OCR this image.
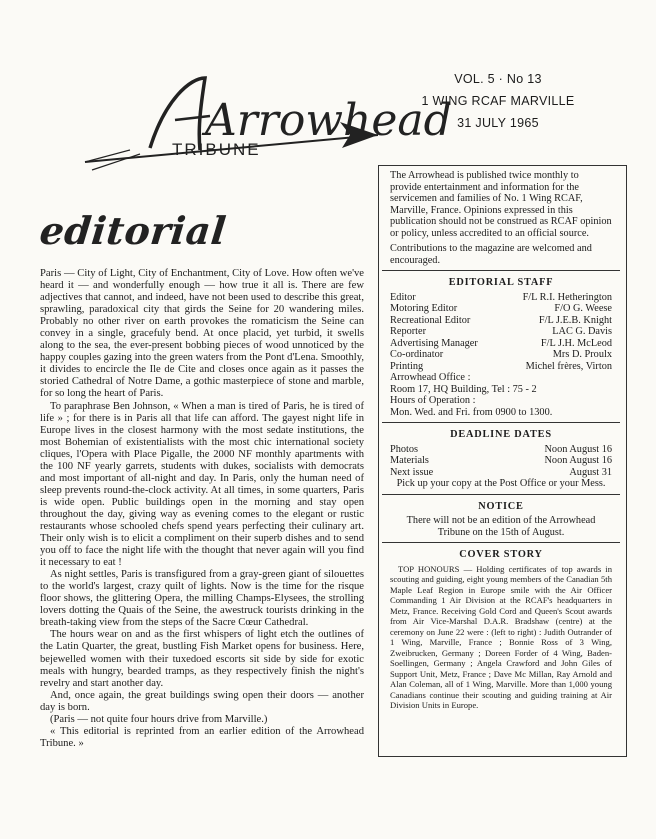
Arrowhead
TRIBUNE
VOL. 5 · No 13
1 WING RCAF MARVILLE
31 JULY 1965
editorial

Paris — City of Light, City of Enchantment, City of Love. How often we've heard it — and wonderfully enough — how true it all is. There are few adjectives that cannot, and indeed, have not been used to describe this great, sprawling, paradoxical city that girds the Seine for 20 wandering miles. Probably no other river on earth provokes the romaticism the Seine can convey in a single, gracefuly bend. At once placid, yet turbid, it swells along to the sea, the ever-present bobbing pieces of wood unnoticed by the happy couples gazing into the green waters from the Pont d'Lena. Smoothly, it divides to encircle the Ile de Cite and closes once again as it passes the storied Cathedral of Notre Dame, a gothic masterpiece of stone and marble, for so long the heart of Paris.

To paraphrase Ben Johnson, « When a man is tired of Paris, he is tired of life » ; for there is in Paris all that life can afford. The gayest night life in Europe lives in the closest harmony with the most sedate institutions, the most Bohemian of existentialists with the most chic international society cliques, l'Opera with Place Pigalle, the 2000 NF monthly apartments with the 100 NF yearly garrets, students with dukes, socialists with democrats and most important of all-night and day. In Paris, only the human need of sleep prevents round-the-clock activity. At all times, in some quarters, Paris is wide open. Public buildings open in the morning and stay open throughout the day, giving way as evening comes to the elegant or rustic restaurants whose schooled chefs spend years perfecting their culinary art. Their only wish is to elicit a compliment on their superb dishes and to send you off to face the night life with the thought that never again will you find it necessary to eat !

As night settles, Paris is transfigured from a gray-green giant of silouettes to the world's largest, crazy quilt of lights. Now is the time for the risque floor shows, the glittering Opera, the milling Champs-Elysees, the strolling lovers dotting the Quais of the Seine, the awestruck tourists drinking in the breath-taking view from the steps of the Sacre Cœur Cathedral.

The hours wear on and as the first whispers of light etch the outlines of the Latin Quarter, the great, bustling Fish Market opens for business. Here, bejewelled women with their tuxedoed escorts sit side by side for exotic meals with hungry, bearded tramps, as they respectively finish the night's revelry and start another day.

And, once again, the great buildings swing open their doors — another day is born.

(Paris — not quite four hours drive from Marville.)

« This editorial is reprinted from an earlier edition of the Arrowhead Tribune. »

The Arrowhead is published twice monthly to provide entertainment and information for the servicemen and families of No. 1 Wing RCAF, Marville, France. Opinions expressed in this publication should not be construed as RCAF opinion or policy, unless accredited to an official source.

Contributions to the magazine are welcomed and encouraged.

EDITORIAL STAFF
Editor	F/L R.I. Hetherington
Motoring Editor	F/O G. Weese
Recreational Editor	F/L J.E.B. Knight
Reporter	LAC G. Davis
Advertising Manager	F/L J.H. McLeod
Co-ordinator	Mrs D. Proulx
Printing	Michel frères, Virton
Arrowhead Office :
Room 17, HQ Building, Tel : 75 - 2
Hours of Operation :
Mon. Wed. and Fri. from 0900 to 1300.
DEADLINE DATES
Photos	Noon August 16
Materials	Noon August 16
Next issue	August 31
Pick up your copy at the Post Office or your Mess.
NOTICE
There will not be an edition of the Arrowhead Tribune on the 15th of August.
COVER STORY

TOP HONOURS — Holding certificates of top awards in scouting and guiding, eight young members of the Canadian 5th Maple Leaf Region in Europe smile with the Air Officer Commanding 1 Air Division at the RCAF's headquarters in Metz, France. Receiving Gold Cord and Queen's Scout awards from Air Vice-Marshal D.A.R. Bradshaw (centre) at the ceremony on June 22 were : (left to right) : Judith Outrander of 1 Wing, Marville, France ; Bonnie Ross of 3 Wing, Zweibrucken, Germany ; Doreen Forder of 4 Wing, Baden-Soellingen, Germany ; Angela Crawford and John Giles of Support Unit, Metz, France ; Dave Mc Millan, Ray Arnold and Alan Coleman, all of 1 Wing, Marville. More than 1,000 young Canadians continue their scouting and guiding training at Air Division Units in Europe.
